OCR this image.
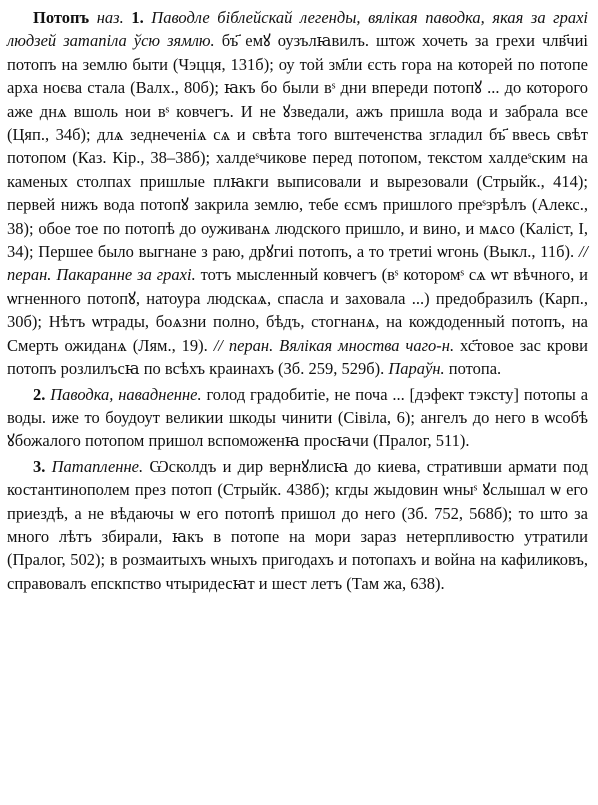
Потопъ наз. 1. Паводле біблейскай легенды, вялікая паводка, якая за грахі людзей затапіла ўсю зямлю. бъ҃ емꙋ оузълꙗвилъ. штож хочеть за грехи члв҃чиі потопъ на землю быти (Чэцця, 131б); оу той зм҃ли єсть гора на которей по потопе арха ноєва стала (Валх., 80б); ꙗкъ бо были вˢ дни впереди потопꙋ ... до которого аже днѧ вшоль нои вˢ ковчегъ. И не ꙋзведали, ажъ пришла вода и забрала все (Цяп., 34б); длѧ зеднеченіѧ сѧ и свѣта того вштеченства згладил бъ҃ ввесь свѣт потопом (Каз. Кір., 38–38б); халдеˢчикове перед потопом, текстом халдеˢским на каменых столпах пришлые плꙗкги выписовали и вырезовали (Стрыйк., 414); первей нижъ вода потопꙋ закрила землю, тебе єсмъ пришлого преˢзрѣлъ (Алекс., 38); обое тое по потопѣ до оуживанѧ людского пришло, и вино, и мѧсо (Каліст, I, 34); Першее было выгнане з раю, дрꙋгиі потопъ, а то третиі ѡгонь (Выкл., 11б). // перан. Пакаранне за грахі. тотъ мысленный ковчегъ (вˢ которомˢ сѧ ѡт вѣчного, и ѡгненного потопꙋ, натоура людскаѧ, спасла и заховала ...) предобразилъ (Карп., 30б); Нѣтъ ѡтрады, боѧзни полно, бѣдъ, стогнанѧ, на кождоденный потопъ, на Смерть ожиданѧ (Лям., 19). // перан. Вялікая мноства чаго-н. хс҃товое зас крови потопъ розлилъсꙗ по всѣхъ краинахъ (Зб. 259, 529б). Параўн. потопа.

2. Паводка, навадненне. голод градобитіе, не поча ... [дэфект тэксту] потопы а воды. иже то боудоут великии шкоды чинити (Сівіла, 6); ангелъ до него в ѡсобѣ ꙋбожалого потопом пришол вспоможенꙗ просꙗчи (Пралог, 511).

3. Патапленне. Ѡсколдъ и дир вернꙋлисꙗ до киева, стративши армати под костантинополем през потоп (Стрыйк. 438б); кгды жыдовин ѡныˢ ꙋслышал ѡ его приездѣ, а не вѣдаючы ѡ его потопѣ пришол до него (Зб. 752, 568б); то што за много лѣтъ збирали, ꙗкъ в потопе на мори зараз нетерпливостю утратили (Пралог, 502); в розмаитыхъ ѡныхъ пригодахъ и потопахъ и война на кафиликовъ, справовалъ епскпство чтыридесꙗт и шест летъ (Там жа, 638).
